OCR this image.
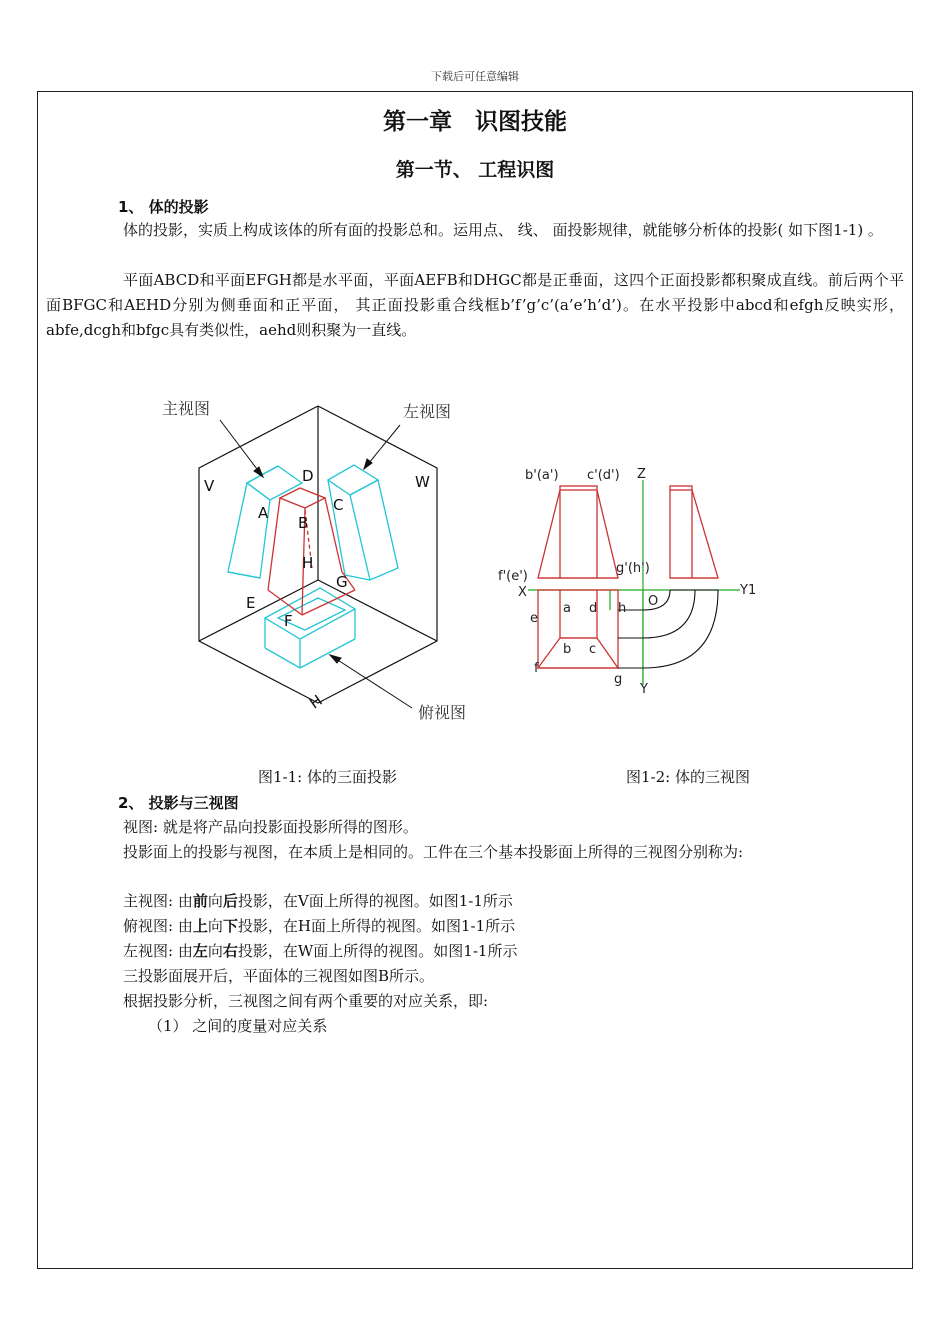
下载后可任意编辑
第一章　识图技能
第一节、 工程识图
1、 体的投影

体的投影，实质上构成该体的所有面的投影总和。运用点、 线、 面投影规律，就能够分析体的投影( 如下图1-1) 。

平面ABCD和平面EFGH都是水平面，平面AEFB和DHGC都是正垂面，这四个正面投影都积聚成直线。前后两个平面BFGC和AEHD分别为侧垂面和正平面， 其正面投影重合线框b’f’g’c’(a’e’h’d’)。在水平投影中abcd和efgh反映实形，abfe,dcgh和bfgc具有类似性，aehd则积聚为一直线。

主视图	左视图
俯视图
V	W
H
A
B
C
D
E
F
G
H
b'(a') c'(d') Z
f'(e')
g'(h')
X	Y1
O
a d h
e
b c
f
g
Y
图1-1: 体的三面投影	图1-2: 体的三视图
2、 投影与三视图
视图: 就是将产品向投影面投影所得的图形。

投影面上的投影与视图，在本质上是相同的。工件在三个基本投影面上所得的三视图分别称为:

主视图: 由前向后投影，在V面上所得的视图。如图1-1所示
俯视图: 由上向下投影，在H面上所得的视图。如图1-1所示
左视图: 由左向右投影，在W面上所得的视图。如图1-1所示
三投影面展开后，平面体的三视图如图B所示。
根据投影分析，三视图之间有两个重要的对应关系，即:
（1） 之间的度量对应关系
